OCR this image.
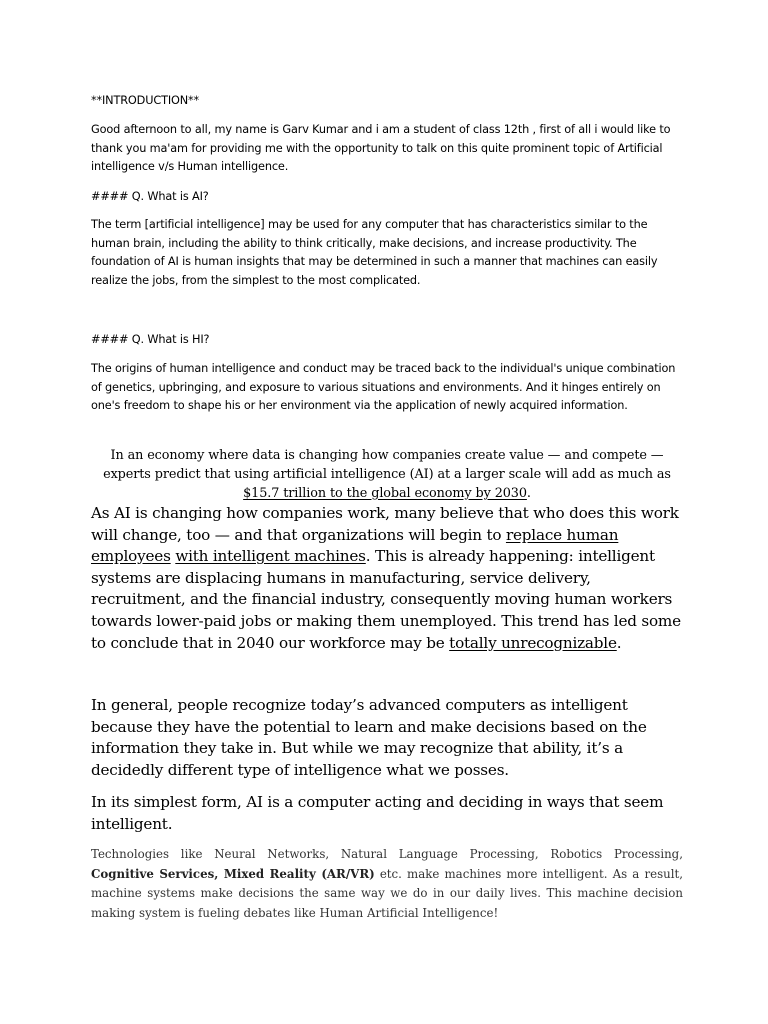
**INTRODUCTION**

Good afternoon to all, my name is Garv Kumar and i am a student of class 12th , first of all i would like to thank you ma'am for providing me with the opportunity to talk on this quite prominent topic of Artificial intelligence v/s Human intelligence.

#### Q. What is AI?

The term [artificial intelligence] may be used for any computer that has characteristics similar to the human brain, including the ability to think critically, make decisions, and increase productivity. The foundation of AI is human insights that may be determined in such a manner that machines can easily realize the jobs, from the simplest to the most complicated.

#### Q. What is HI?

The origins of human intelligence and conduct may be traced back to the individual's unique combination of genetics, upbringing, and exposure to various situations and environments. And it hinges entirely on one's freedom to shape his or her environment via the application of newly acquired information.

In an economy where data is changing how companies create value — and compete — experts predict that using artificial intelligence (AI) at a larger scale will add as much as $15.7 trillion to the global economy by 2030.

As AI is changing how companies work, many believe that who does this work will change, too — and that organizations will begin to replace human employees with intelligent machines. This is already happening: intelligent systems are displacing humans in manufacturing, service delivery, recruitment, and the financial industry, consequently moving human workers towards lower-paid jobs or making them unemployed. This trend has led some to conclude that in 2040 our workforce may be totally unrecognizable.

In general, people recognize today’s advanced computers as intelligent because they have the potential to learn and make decisions based on the information they take in. But while we may recognize that ability, it’s a decidedly different type of intelligence what we posses.

In its simplest form, AI is a computer acting and deciding in ways that seem intelligent.

Technologies like Neural Networks, Natural Language Processing, Robotics Processing, Cognitive Services, Mixed Reality (AR/VR) etc. make machines more intelligent. As a result, machine systems make decisions the same way we do in our daily lives. This machine decision making system is fueling debates like Human Artificial Intelligence!
